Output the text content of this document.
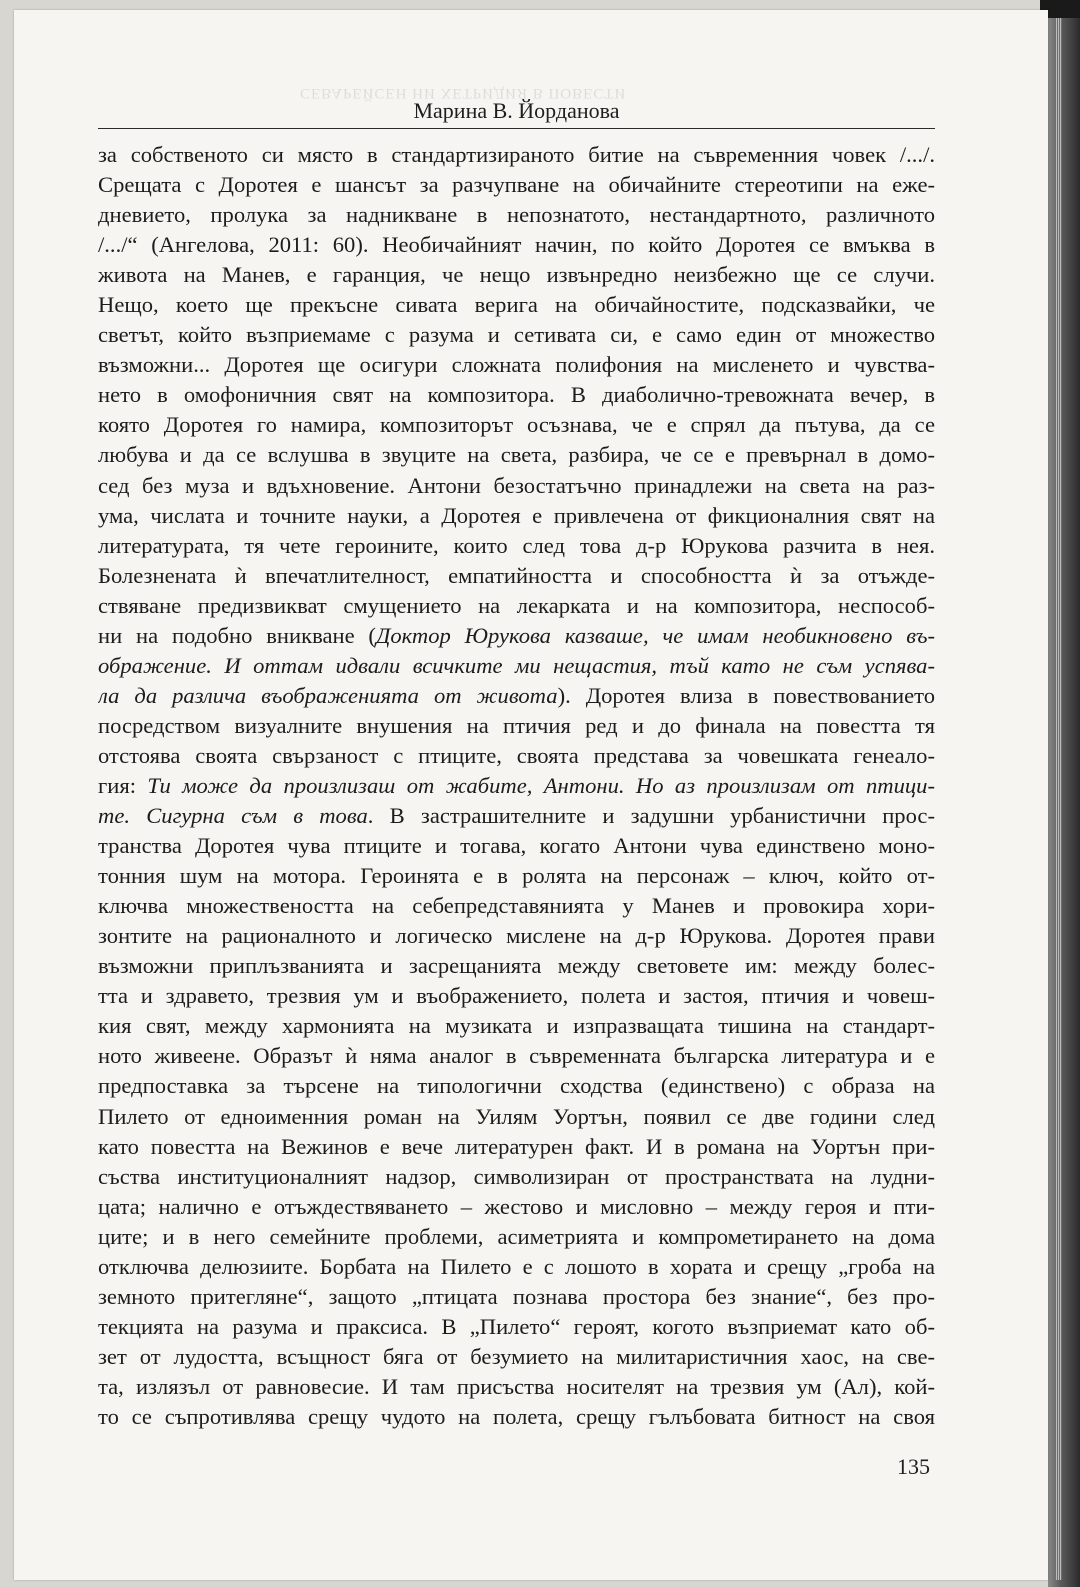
СЕВАРЕЙСЕН НИ ХЕТРИДИЯ В ПОВЕСТИ
Марина В. Йорданова
за собственото си място в стандартизираното битие на съвременния човек /.../.
Срещата с Доротея е шансът за разчупване на обичайните стереотипи на еже-
дневието, пролука за надникване в непознатото, нестандартното, различното
/.../“ (Ангелова, 2011: 60). Необичайният начин, по който Доротея се вмъква в
живота на Манев, е гаранция, че нещо извънредно неизбежно ще се случи.
Нещо, което ще прекъсне сивата верига на обичайностите, подсказвайки, че
светът, който възприемаме с разума и сетивата си, е само един от множество
възможни... Доротея ще осигури сложната полифония на мисленето и чувства-
нето в омофоничния свят на композитора. В диаболично-тревожната вечер, в
която Доротея го намира, композиторът осъзнава, че е спрял да пътува, да се
любува и да се вслушва в звуците на света, разбира, че се е превърнал в домо-
сед без муза и вдъхновение. Антони безостатъчно принадлежи на света на раз-
ума, числата и точните науки, а Доротея е привлечена от фикционалния свят на
литературата, тя чете героините, които след това д-р Юрукова разчита в нея.
Болезнената ѝ впечатлителност, емпатийността и способността ѝ за отъжде-
ствяване предизвикват смущението на лекарката и на композитора, неспособ-
ни на подобно вникване (Доктор Юрукова казваше, че имам необикновено въ-
ображение. И оттам идвали всичките ми нещастия, тъй като не съм успява-
ла да различа въображенията от живота). Доротея влиза в повествованието
посредством визуалните внушения на птичия ред и до финала на повестта тя
отстоява своята свързаност с птиците, своята представа за човешката генеало-
гия: Ти може да произлизаш от жабите, Антони. Но аз произлизам от птици-
те. Сигурна съм в това. В застрашителните и задушни урбанистични прос-
транства Доротея чува птиците и тогава, когато Антони чува единствено моно-
тонния шум на мотора. Героинята е в ролята на персонаж – ключ, който от-
ключва множествеността на себепредставянията у Манев и провокира хори-
зонтите на рационалното и логическо мислене на д-р Юрукова. Доротея прави
възможни приплъзванията и засрещанията между световете им: между болес-
тта и здравето, трезвия ум и въображението, полета и застоя, птичия и човеш-
кия свят, между хармонията на музиката и изпразващата тишина на стандарт-
ното живеене. Образът ѝ няма аналог в съвременната българска литература и е
предпоставка за търсене на типологични сходства (единствено) с образа на
Пилето от едноименния роман на Уилям Уортън, появил се две години след
като повестта на Вежинов е вече литературен факт. И в романа на Уортън при-
съства институционалният надзор, символизиран от пространствата на лудни-
цата; налично е отъждествяването – жестово и мисловно – между героя и пти-
ците; и в него семейните проблеми, асиметрията и компрометирането на дома
отключва делюзиите. Борбата на Пилето е с лошото в хората и срещу „гроба на
земното притегляне“, защото „птицата познава простора без знание“, без про-
текцията на разума и праксиса. В „Пилето“ героят, когото възприемат като об-
зет от лудостта, всъщност бяга от безумието на милитаристичния хаос, на све-
та, излязъл от равновесие. И там присъства носителят на трезвия ум (Ал), кой-
то се съпротивлява срещу чудото на полета, срещу гълъбовата битност на своя
135
